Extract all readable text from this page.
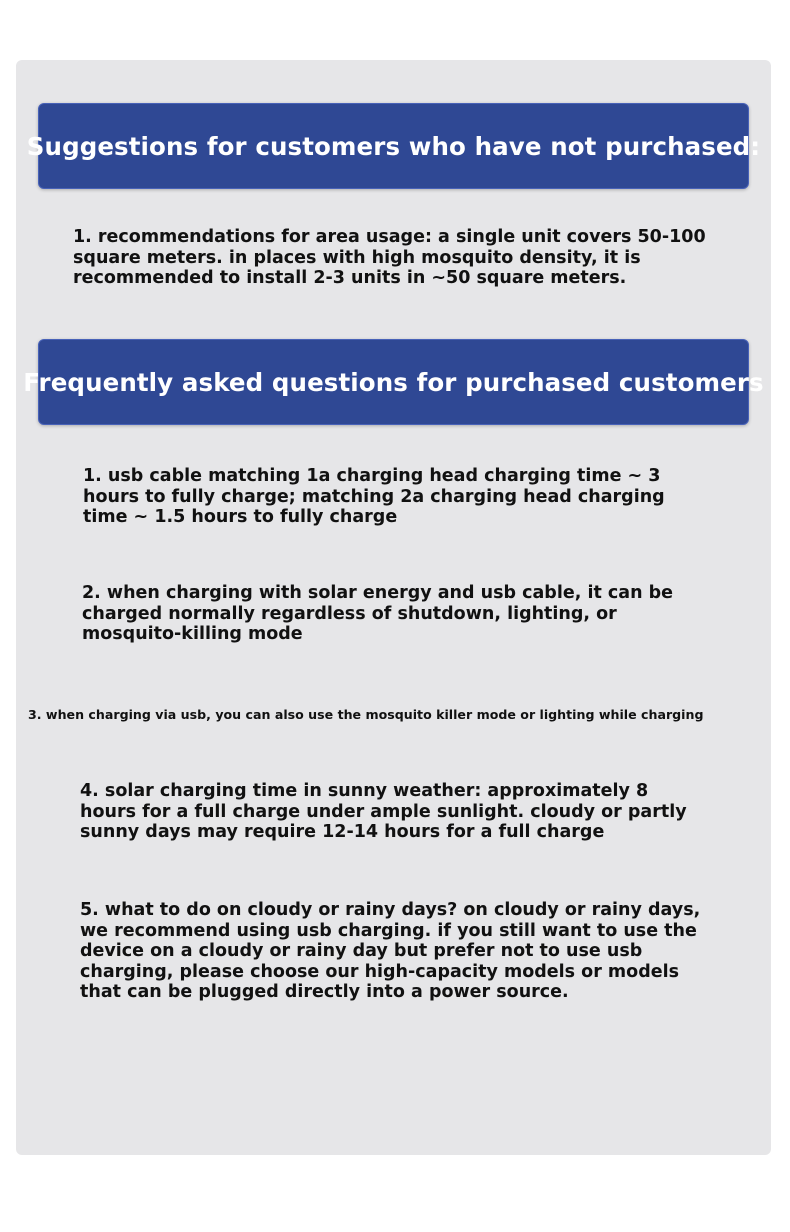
Suggestions for customers who have not purchased:

1. recommendations for area usage: a single unit covers 50-100 square meters. in places with high mosquito density, it is recommended to install 2-3 units in ~50 square meters.

Frequently asked questions for purchased customers

1. usb cable matching 1a charging head charging time ~ 3 hours to fully charge; matching 2a charging head charging time ~ 1.5 hours to fully charge

2. when charging with solar energy and usb cable, it can be charged normally regardless of shutdown, lighting, or mosquito-killing mode

3. when charging via usb, you can also use the mosquito killer mode or lighting while charging

4. solar charging time in sunny weather: approximately 8 hours for a full charge under ample sunlight. cloudy or partly sunny days may require 12-14 hours for a full charge

5. what to do on cloudy or rainy days? on cloudy or rainy days, we recommend using usb charging. if you still want to use the device on a cloudy or rainy day but prefer not to use usb charging, please choose our high-capacity models or models that can be plugged directly into a power source.
